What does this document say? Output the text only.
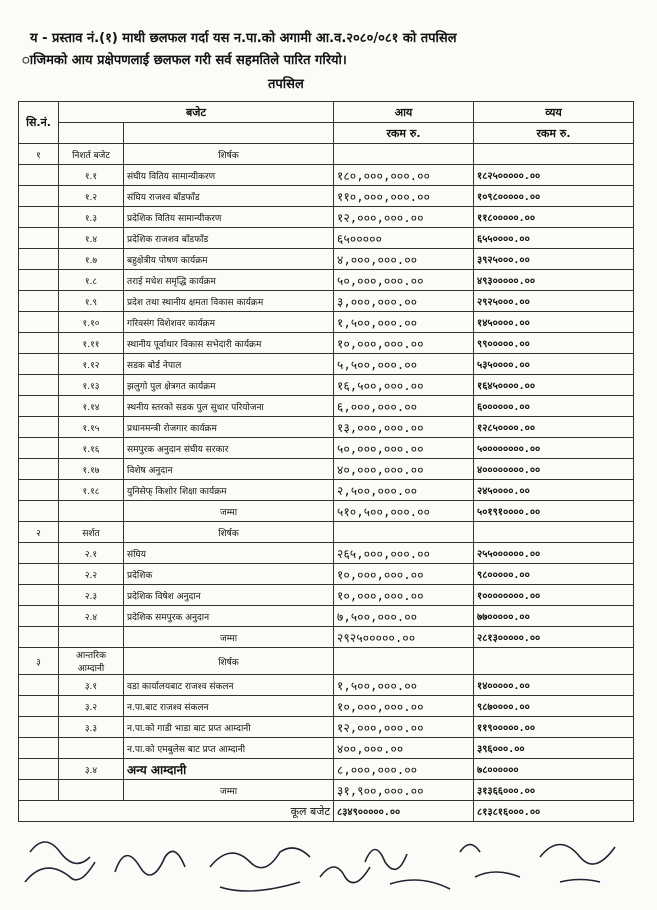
य - प्रस्ताव नं.(१) माथी छलफल गर्दा यस न.पा.को अगामी आ.व.२०८०/०८१ को तपसिल
ाजिमको आय प्रक्षेपणलाई छलफल गरी सर्व सहमतिले पारित गरियो।
तपसिल
सि.नं.	बजेट		आय	व्यय
			रकम रु.	रकम रु.
१	निशर्त बजेट	शिर्षक		
	१.१	संघीय वितिय सामान्यीकरण	१८०,०००,०००.००	१८२५०००००.००
	१.२	संघिय राजश्व बाँडफाँड	११०,०००,०००.००	१०९८०००००.००
	१.३	प्रदेशिक वितिय सामान्यीकरण	१२,०००,०००.००	११८०००००.००
	१.४	प्रदेशिक राजशव बाँडफाँड	६५०००००	६५५००००.००
	१.७	बहुक्षेत्रीय पोषण कार्यक्रम	४,०००,०००.००	३९२५०००.००
	१.८	तराई मधेश समृद्धि कार्यक्रम	५०,०००,०००.००	४९३०००००.००
	१.९	प्रदेश तथा स्थानीय क्षमता विकास कार्यक्रम	३,०००,०००.००	२९२५०००.००
	१.१०	गरिवसंग विशेशवर कार्यक्रम	१,५००,०००.००	१४५००००.००
	१.११	स्थानीय पूर्वाधार विकास सभेदारी कार्यक्रम	१०,०००,०००.००	९९०००००.००
	१.१२	सडक बोर्ड नेपाल	५,५००,०००.००	५३५००००.००
	१.१३	झलुगो पुल क्षेत्रगत कार्यक्रम	१६,५००,०००.००	१६४५००००.००
	१.१४	स्थनीय स्तरको सडक पुल सुधार परियोजना	६,०००,०००.००	६००००००.००
	१.१५	प्रधानमन्त्री रोजगार कार्यक्रम	१३,०००,०००.००	१२८५००००.००
	१.१६	समपुरक अनुदान संघीय सरकार	५०,०००,०००.००	५००००००००.००
	१.१७	विशेष अनुदान	४०,०००,०००.००	४००००००००.००
	१.१८	युनिसेफ् किशोर शिक्षा कार्यक्रम	२,५००,०००.००	२४५००००.००
		जम्मा	५१०,५००,०००.००	५०१९१००००.००
२	सर्शत	शिर्षक		
	२.१	संघिय	२६५,०००,०००.००	२५५००००००.००
	२.२	प्रदेशिक	१०,०००,०००.००	९८०००००.००
	२.३	प्रदेशिक विषेश अनुदान	१०,०००,०००.००	१००००००००.००
	२.४	प्रदेशिक समपुरक अनुदान	७,५००,०००.००	७७०००००.००
		जम्मा	२९२५०००००.००	२८१३०००००.००
३	आन्तरिक आम्दानी	शिर्षक		
	३.१	वडा कार्यालयबाट राजश्व संकलन	१,५००,०००.००	१४०००००.००
	३.२	न.पा.बाट राजश्व संकलन	१०,०००,०००.००	९८७००००.००
	३.३	न.पा.को गाडी भाडा बाट प्रप्त आम्दानी	१२,०००,०००.००	११९०००००.००
		न.पा.को एमबुलेस बाट प्रप्त आम्दानी	४००,०००.००	३९६०००.००
	३.४	अन्य आम्दानी	८,०००,०००.००	७८००००००
		जम्मा	३१,९००,०००.००	३१३६६०००.००
कूल बजेट			८३४९०००००.००	८१३८१६०००.००
